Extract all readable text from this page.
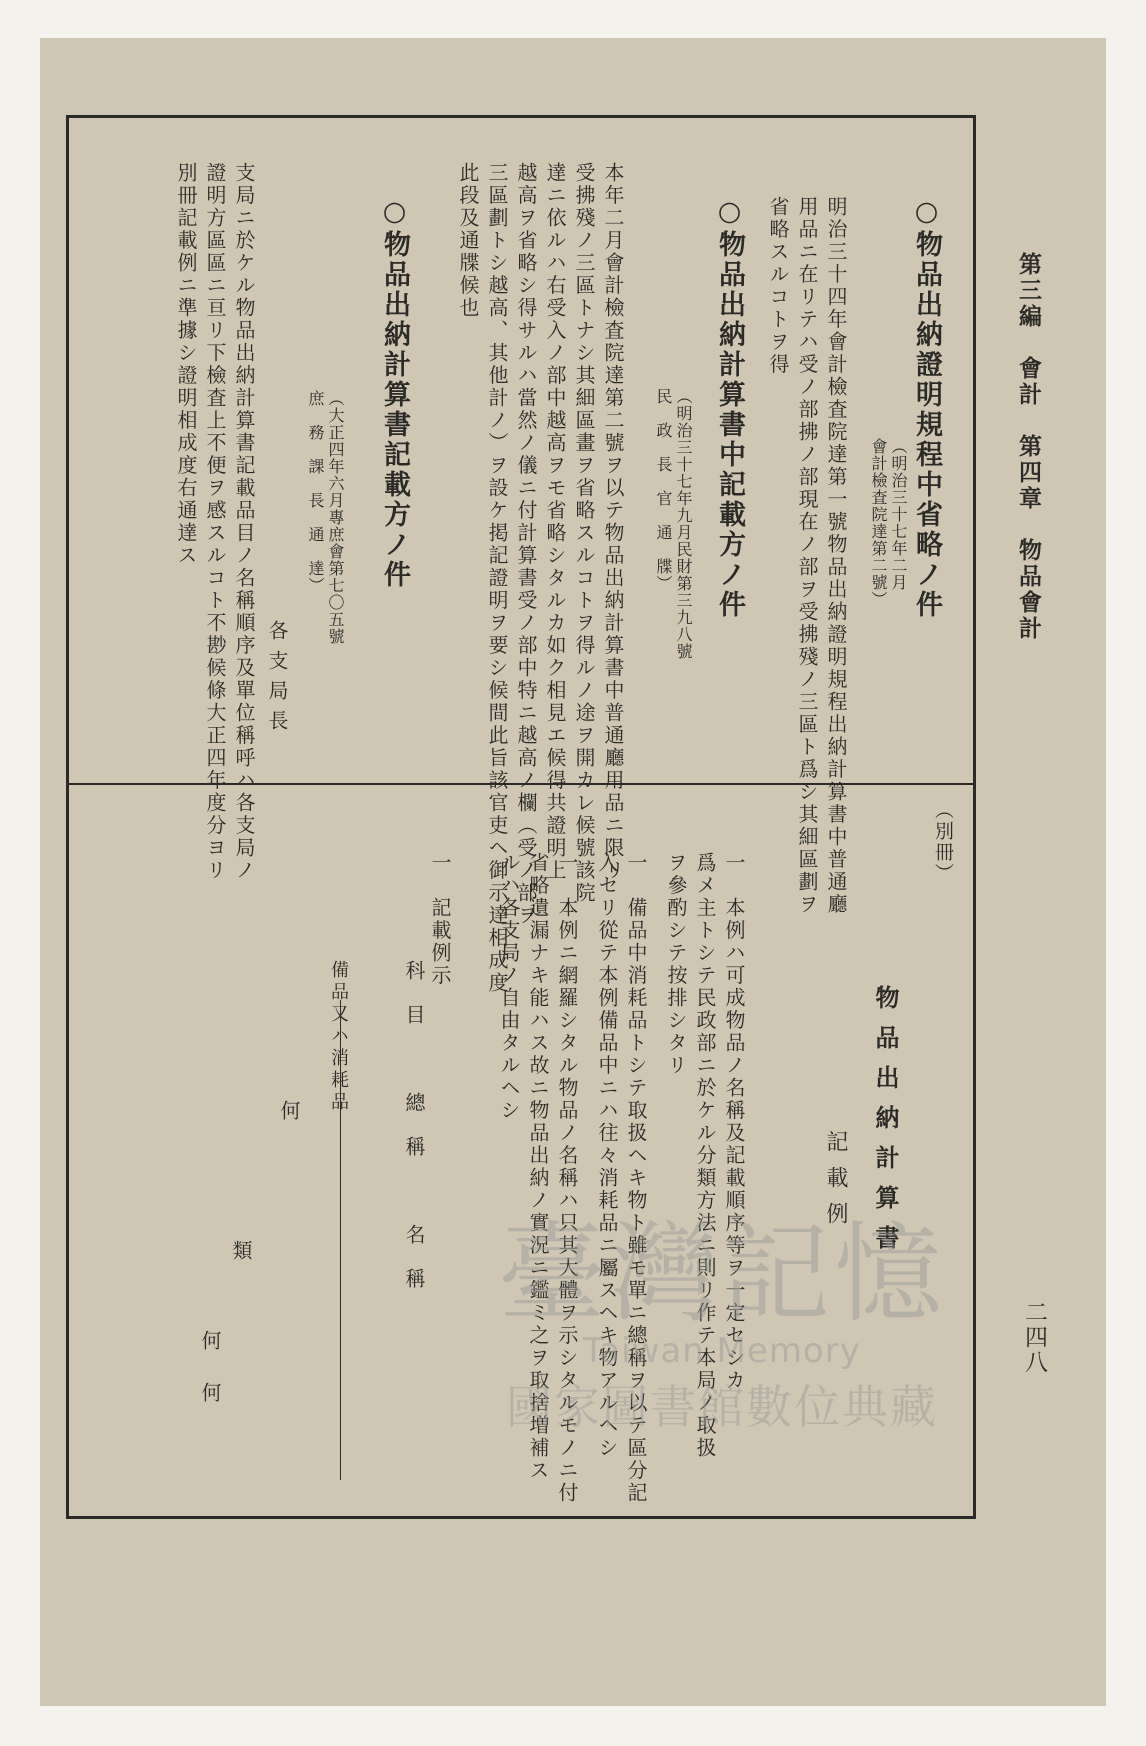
第三編　會計　第四章　物品會計
二四八
○物品出納證明規程中省略ノ件
（明治三十七年二月
會計檢査院達第二號）
明治三十四年會計檢査院達第一號物品出納證明規程出納計算書中普通廳
用品ニ在リテハ受ノ部拂ノ部現在ノ部ヲ受拂殘ノ三區ト爲シ其細區劃ヲ
省略スルコトヲ得
○物品出納計算書中記載方ノ件
（明治三十七年九月民財第三九八號
民　政　長　官　通　牒）
本年二月會計檢査院達第二號ヲ以テ物品出納計算書中普通廳用品ニ限リ
受拂殘ノ三區トナシ其細區畫ヲ省略スルコトヲ得ルノ途ヲ開カレ候號該院
達ニ依ルハ右受入ノ部中越高ヲモ省略シタルカ如ク相見エ候得共證明上
越高ヲ省略シ得サルハ當然ノ儀ニ付計算書受ノ部中特ニ越高ノ欄（受ノ部ヲ
三區劃トシ越高、其他計ノ）ヲ設ケ掲記證明ヲ要シ候間此旨該官吏ヘ御示達相成度
此段及通牒候也
○物品出納計算書記載方ノ件
（大正四年六月專庶會第七〇五號
庶　務　課　長　通　達）
各支局長
支局ニ於ケル物品出納計算書記載品目ノ名稱順序及單位稱呼ハ各支局ノ
證明方區區ニ亘リ下檢査上不便ヲ感スルコト不尠候條大正四年度分ヨリ
別冊記載例ニ準據シ證明相成度右通達ス
（別冊）
物品出納計算書
記載例
一　本例ハ可成物品ノ名稱及記載順序等ヲ一定セシカ
爲メ主トシテ民政部ニ於ケル分類方法ニ則リ作テ本局ノ取扱
ヲ參酌シテ按排シタリ
一　備品中消耗品トシテ取扱ヘキ物ト雖モ單ニ總稱ヲ以テ區分記
入セリ從テ本例備品中ニハ往々消耗品ニ屬スヘキ物アルヘシ
一　本例ニ網羅シタル物品ノ名稱ハ只其大體ヲ示シタルモノニ付
省略遺漏ナキ能ハス故ニ物品出納ノ實況ニ鑑ミ之ヲ取捨増補ス
ルハ各支局ノ自由タルヘシ
一　記載例示
科目　總稱　名稱
備品又ハ消耗品
何
類
何　何
臺灣記憶
Taiwan Memory
國家圖書館數位典藏
